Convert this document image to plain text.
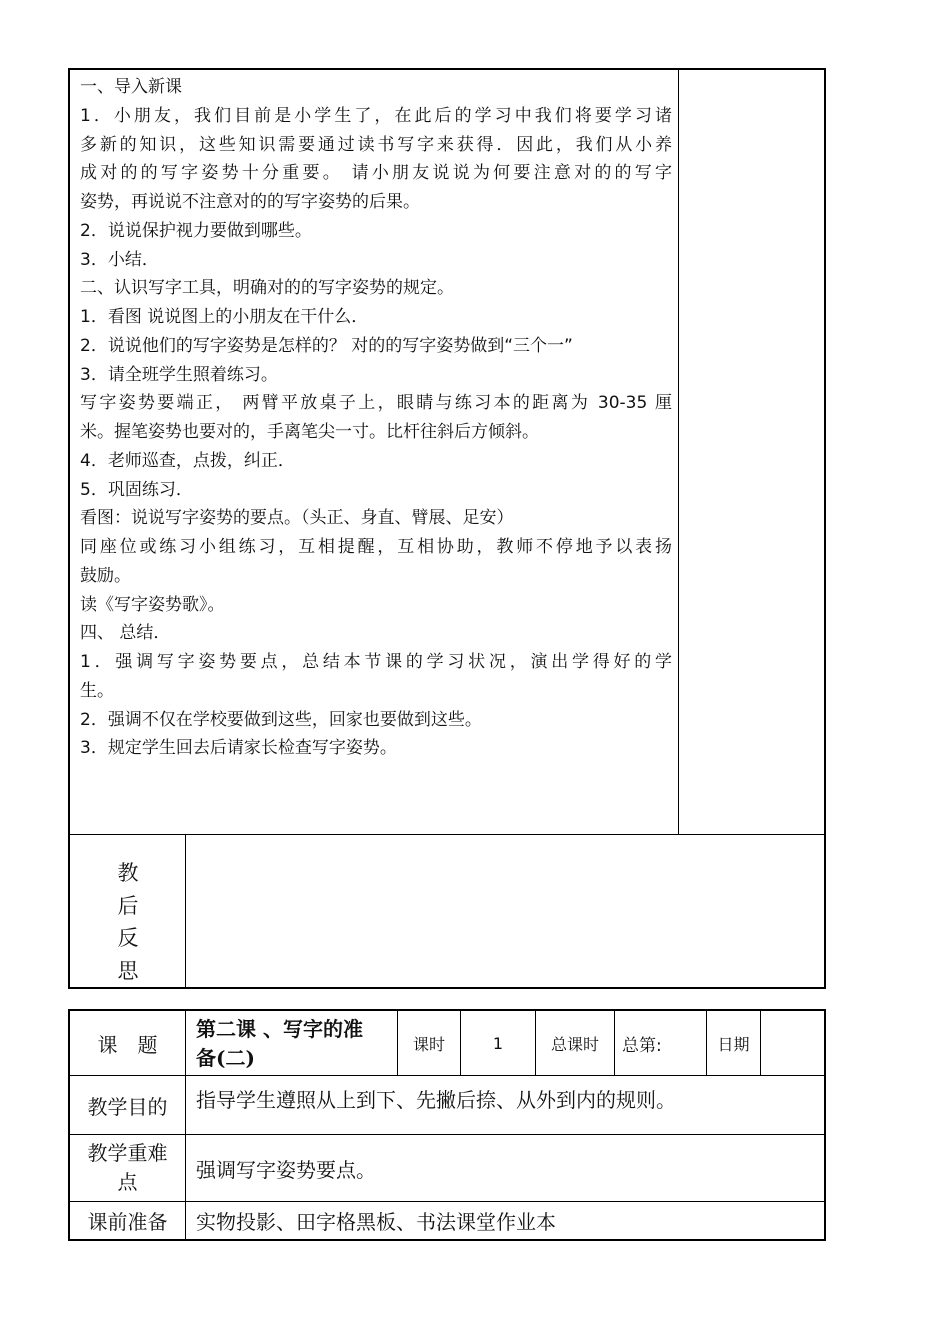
一、导入新课
1．小朋友，我们目前是小学生了，在此后的学习中我们将要学习诸
多新的知识，这些知识需要通过读书写字来获得．因此，我们从小养
成对的的写字姿势十分重要。 请小朋友说说为何要注意对的的写字
姿势，再说说不注意对的的写字姿势的后果。
2．说说保护视力要做到哪些。
3．小结．
二、认识写字工具，明确对的的写字姿势的规定。
1．看图 说说图上的小朋友在干什么．
2．说说他们的写字姿势是怎样的？ 对的的写字姿势做到“三个一”
3．请全班学生照着练习。
写字姿势要端正， 两臂平放桌子上，眼睛与练习本的距离为 30-35 厘
米。握笔姿势也要对的，手离笔尖一寸。比杆往斜后方倾斜。
4．老师巡查，点拨，纠正．
5．巩固练习．
看图：说说写字姿势的要点。（头正、身直、臂展、足安）
同座位或练习小组练习，互相提醒，互相协助，教师不停地予以表扬
鼓励。
读《写字姿势歌》。
四、 总结．
1．强调写字姿势要点，总结本节课的学习状况，演出学得好的学
生。
2．强调不仅在学校要做到这些，回家也要做到这些。
3．规定学生回去后请家长检查写字姿势。
教
后
反
思
课　题
第二课 、写字的准
备(二)
课时	1	总课时 总第:	日期
教学目的 指导学生遵照从上到下、先撇后捺、从外到内的规则。
教学重难
点
强调写字姿势要点。
课前准备 实物投影、田字格黑板、书法课堂作业本
